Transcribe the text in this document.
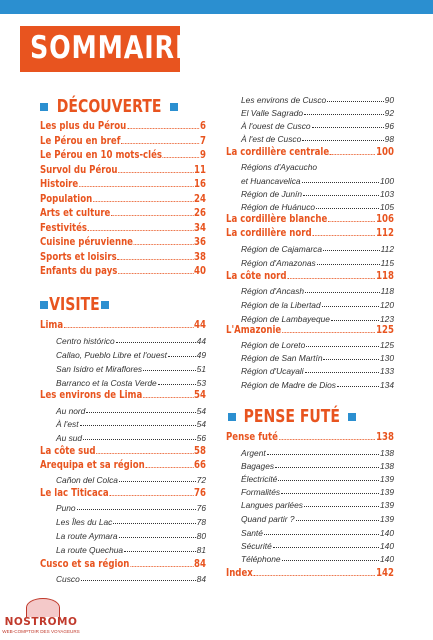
SOMMAIRE
DÉCOUVERTE
VISITE
PENSE FUTÉ
Les plus du Pérou	6
Le Pérou en bref	7
Le Pérou en 10 mots-clés	9
Survol du Pérou	11
Histoire	16
Population	24
Arts et culture	26
Festivités	34
Cuisine péruvienne	36
Sports et loisirs	38
Enfants du pays	40
Lima	44
Centro histórico	44
Callao, Pueblo Libre et l'ouest	49
San Isidro et Miraflores	51
Barranco et la Costa Verde	53
Les environs de Lima	54
Au nord	54
À l'est	54
Au sud	56
La côte sud	58
Arequipa et sa région	66
Cañon del Colca	72
Le lac Titicaca	76
Puno	76
Les Îles du Lac	78
La route Aymara	80
La route Quechua	81
Cusco et sa région	84
Cusco	84
Les environs de Cusco	90
El Valle Sagrado	92
À l'ouest de Cusco	96
À l'est de Cusco	98
La cordillère centrale	100
Régions d'Ayacucho
et Huancavelica	100
Région de Junín	103
Région de Huánuco	105
La cordillère blanche	106
La cordillère nord	112
Région de Cajamarca	112
Région d'Amazonas	115
La côte nord	118
Région d'Ancash	118
Région de la Libertad	120
Région de Lambayeque	123
L'Amazonie	125
Région de Loreto	125
Région de San Martín	130
Région d'Ucayali	133
Région de Madre de Dios	134
Pense futé	138
Argent	138
Bagages	138
Électricité	139
Formalités	139
Langues parlées	139
Quand partir ?	139
Santé	140
Sécurité	140
Téléphone	140
Index	142
NOSTROMO
WEB-COMPTOIR DES VOYAGEURS
